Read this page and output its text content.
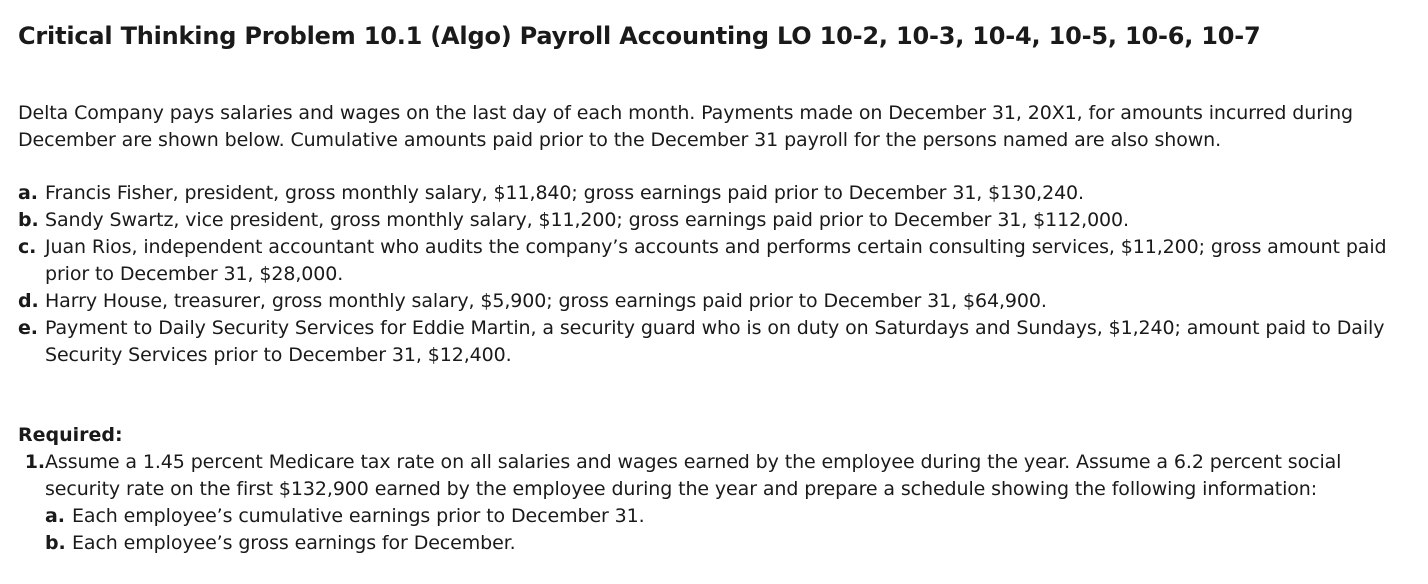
Critical Thinking Problem 10.1 (Algo) Payroll Accounting LO 10-2, 10-3, 10-4, 10-5, 10-6, 10-7

Delta Company pays salaries and wages on the last day of each month. Payments made on December 31, 20X1, for amounts incurred during December are shown below. Cumulative amounts paid prior to the December 31 payroll for the persons named are also shown.

a. Francis Fisher, president, gross monthly salary, $11,840; gross earnings paid prior to December 31, $130,240.
b. Sandy Swartz, vice president, gross monthly salary, $11,200; gross earnings paid prior to December 31, $112,000.
c. Juan Rios, independent accountant who audits the company’s accounts and performs certain consulting services, $11,200; gross amount paid prior to December 31, $28,000.
d. Harry House, treasurer, gross monthly salary, $5,900; gross earnings paid prior to December 31, $64,900.
e. Payment to Daily Security Services for Eddie Martin, a security guard who is on duty on Saturdays and Sundays, $1,240; amount paid to Daily Security Services prior to December 31, $12,400.
Required:
1. Assume a 1.45 percent Medicare tax rate on all salaries and wages earned by the employee during the year. Assume a 6.2 percent social security rate on the first $132,900 earned by the employee during the year and prepare a schedule showing the following information:
a. Each employee’s cumulative earnings prior to December 31.
b. Each employee’s gross earnings for December.
